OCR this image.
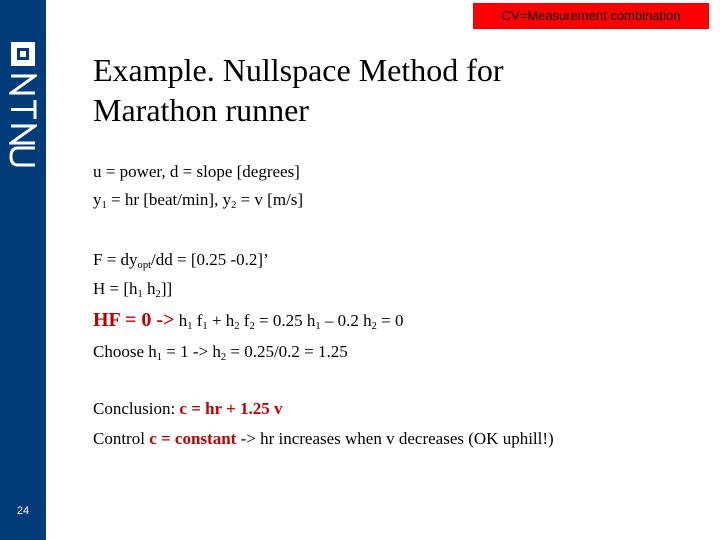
24
CV=Measurement combination
Example. Nullspace Method for
Marathon runner
u = power, d = slope [degrees]
$y_1$ = hr [beat/min], $y_2 = v$ [m/s]
$F = dy_{opt}/dd = [0.25$ -0.2]’
$H = [h_1$ $h_2$]]
HF = $0 -> h_1$ $f_1 + h_2$ $f_2 = 0.25$ $h_1 - 0.2$ $h_2 = 0$
Choose $h_1 = 1 -> h_2 = 0.25/0.2 = 1.25$
Conclusion: c = hr + 1.25 v
Control c = constant -> hr increases when v decreases (OK uphill!)
